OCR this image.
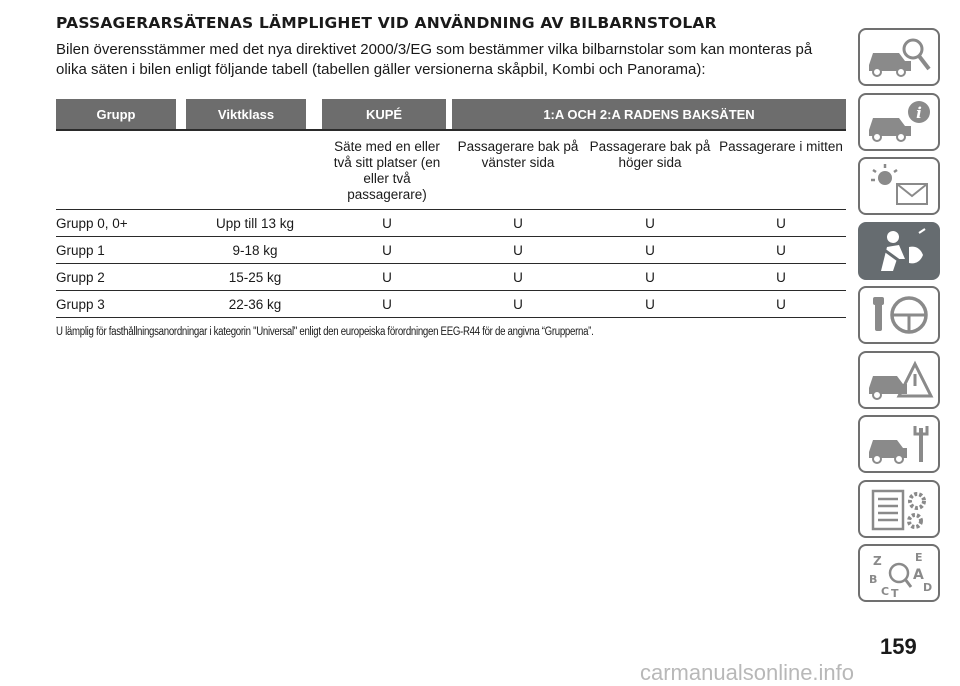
PASSAGERARSÄTENAS LÄMPLIGHET VID ANVÄNDNING AV BILBARNSTOLAR

Bilen överensstämmer med det nya direktivet 2000/3/EG som bestämmer vilka bilbarnstolar som kan monteras på
olika säten i bilen enligt följande tabell (tabellen gäller versionerna skåpbil, Kombi och Panorama):

Grupp		Viktklass		KUPÉ		1:A OCH 2:A RADENS BAKSÄTEN		
				Säte med en eller två sitt platser (en eller två passagerare)		Passagerare bak på vänster sida	Passagerare bak på höger sida	Passagerare i mitten
Grupp 0, 0+	Upp till 13 kg			U		U	U	U
Grupp 1	9-18 kg			U		U	U	U
Grupp 2	15-25 kg			U		U	U	U
Grupp 3	22-36 kg			U		U	U	U
U lämplig för fasthållningsanordningar i kategorin "Universal" enligt den europeiska förordningen EEG-R44 för de angivna “Grupperna”.
i
Z
B
C
E
A
D
T
159
carmanualsonline.info
